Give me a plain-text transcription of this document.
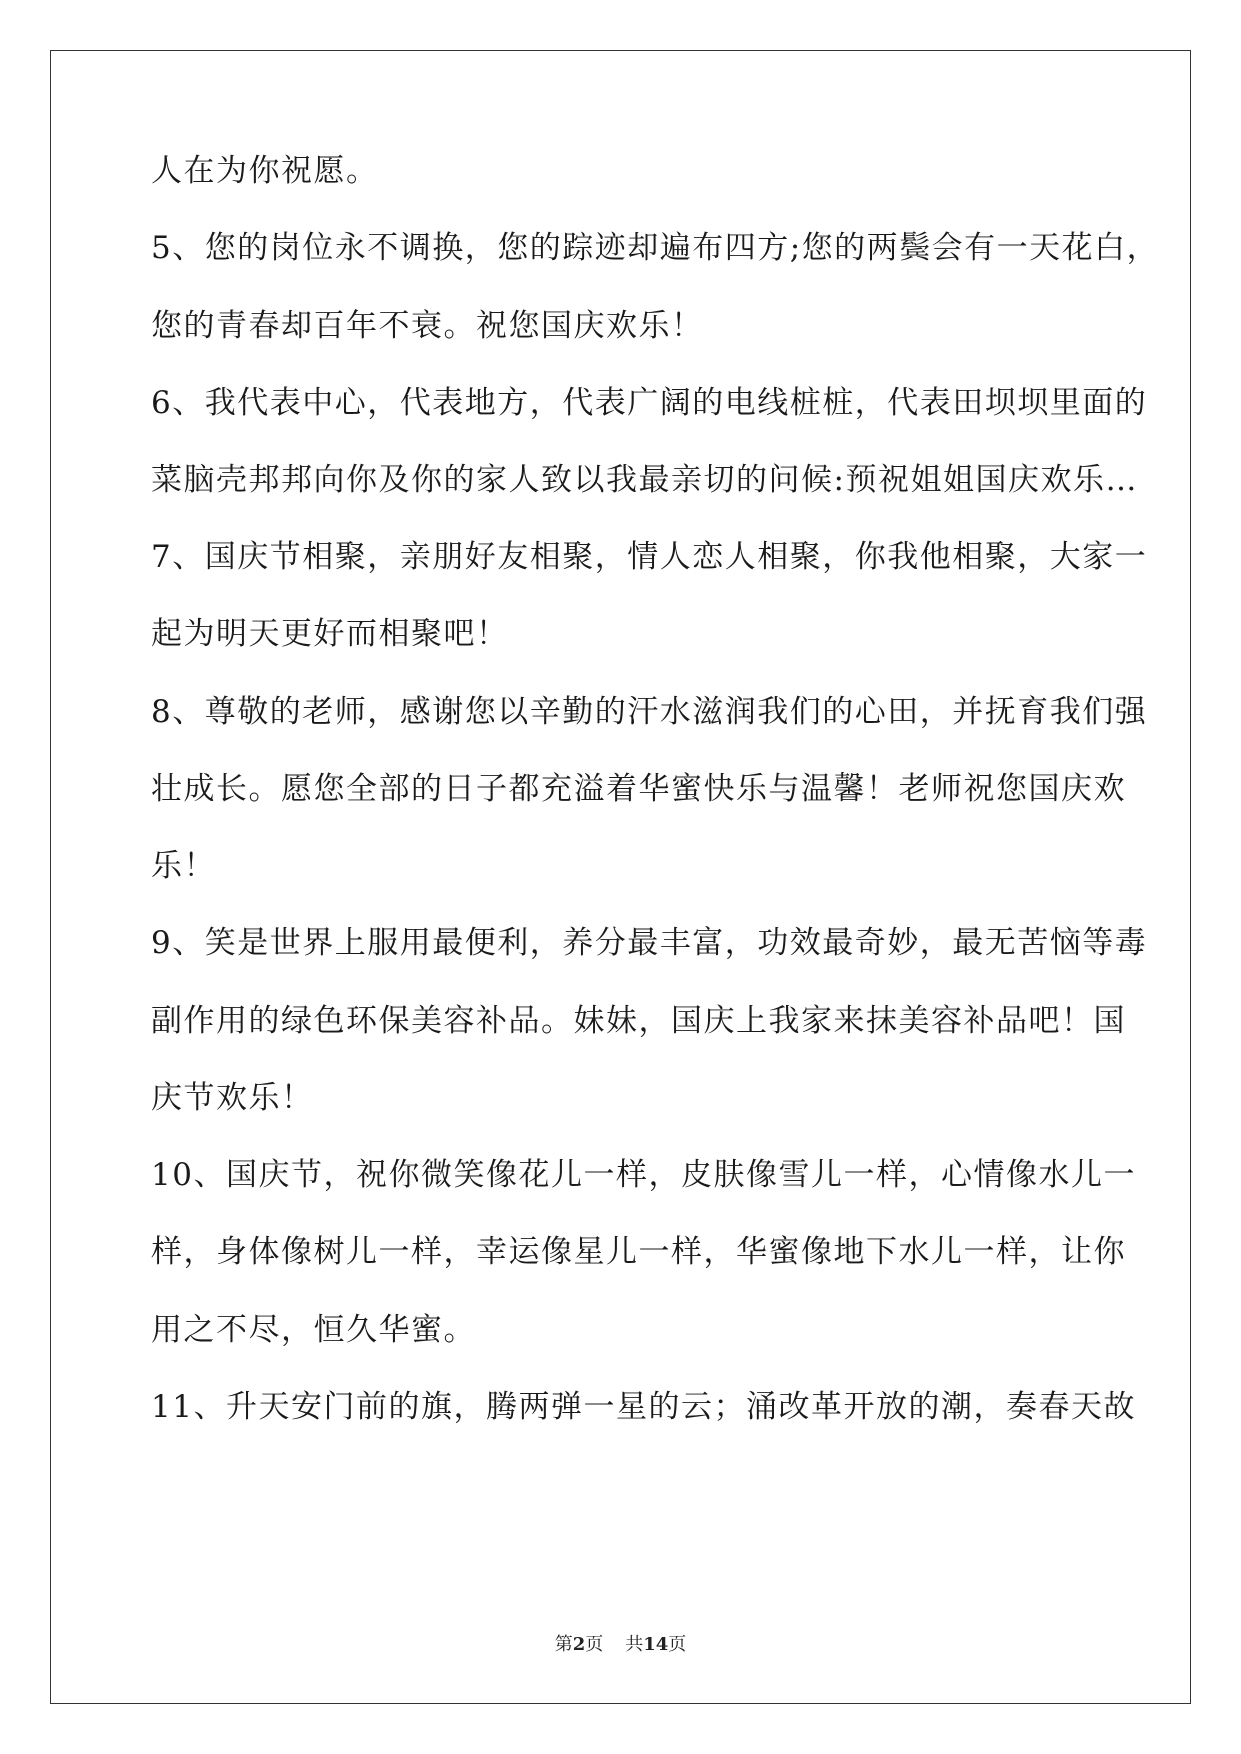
人在为你祝愿。
5、您的岗位永不调换，您的踪迹却遍布四方;您的两鬓会有一天花白，
您的青春却百年不衰。祝您国庆欢乐！
6、我代表中心，代表地方，代表广阔的电线桩桩，代表田坝坝里面的
菜脑壳邦邦向你及你的家人致以我最亲切的问候:预祝姐姐国庆欢乐…
7、国庆节相聚，亲朋好友相聚，情人恋人相聚，你我他相聚，大家一
起为明天更好而相聚吧！
8、尊敬的老师，感谢您以辛勤的汗水滋润我们的心田，并抚育我们强
壮成长。愿您全部的日子都充溢着华蜜快乐与温馨！老师祝您国庆欢
乐！
9、笑是世界上服用最便利，养分最丰富，功效最奇妙，最无苦恼等毒
副作用的绿色环保美容补品。妹妹，国庆上我家来抹美容补品吧！国
庆节欢乐！
10、国庆节，祝你微笑像花儿一样，皮肤像雪儿一样，心情像水儿一
样，身体像树儿一样，幸运像星儿一样，华蜜像地下水儿一样，让你
用之不尽，恒久华蜜。
11、升天安门前的旗，腾两弹一星的云；涌改革开放的潮，奏春天故
第2页 共14页
